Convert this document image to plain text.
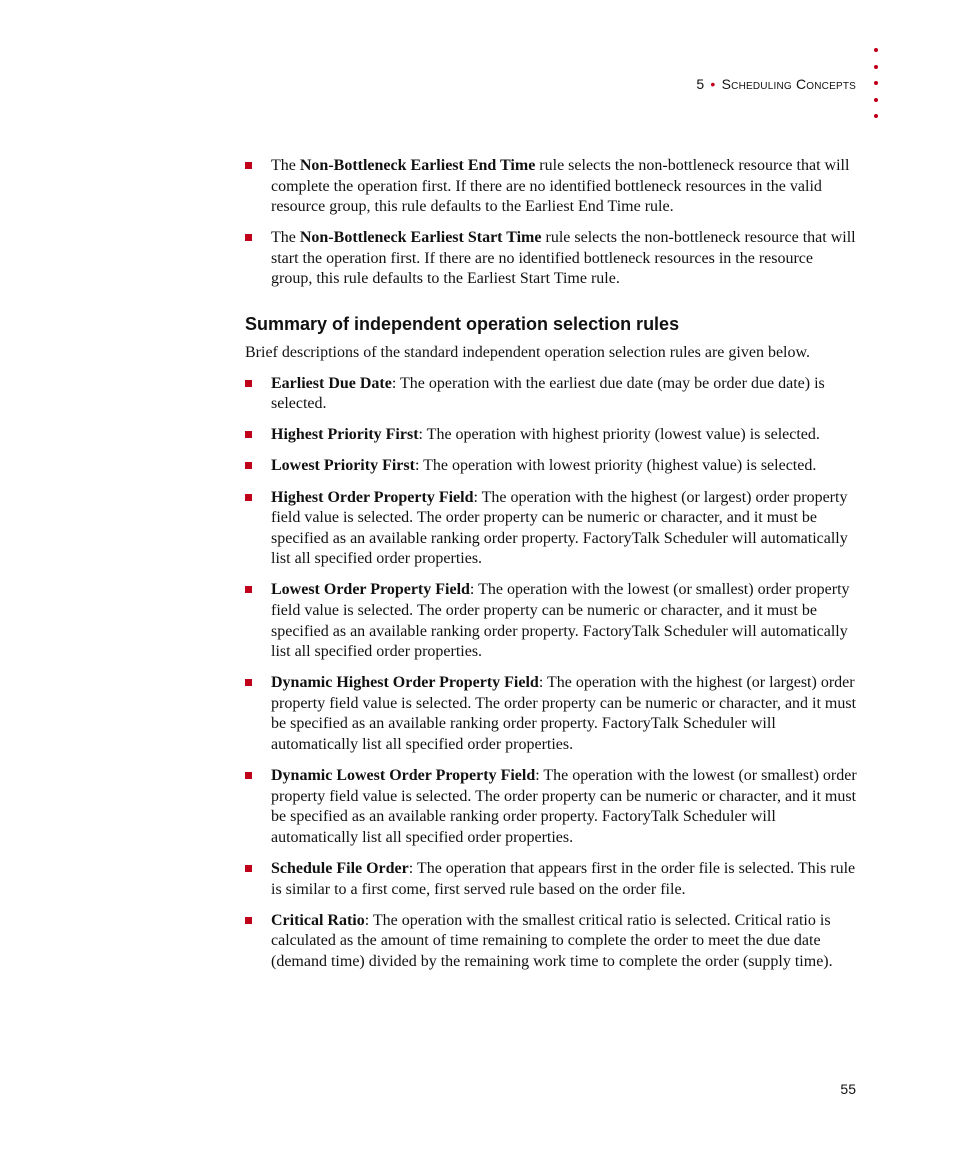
5 • Scheduling Concepts
The Non-Bottleneck Earliest End Time rule selects the non-bottleneck resource that will complete the operation first. If there are no identified bottleneck resources in the valid resource group, this rule defaults to the Earliest End Time rule.
The Non-Bottleneck Earliest Start Time rule selects the non-bottleneck resource that will start the operation first. If there are no identified bottleneck resources in the resource group, this rule defaults to the Earliest Start Time rule.
Summary of independent operation selection rules

Brief descriptions of the standard independent operation selection rules are given below.

Earliest Due Date: The operation with the earliest due date (may be order due date) is selected.
Highest Priority First: The operation with highest priority (lowest value) is selected.
Lowest Priority First: The operation with lowest priority (highest value) is selected.
Highest Order Property Field: The operation with the highest (or largest) order property field value is selected. The order property can be numeric or character, and it must be specified as an available ranking order property. FactoryTalk Scheduler will automatically list all specified order properties.
Lowest Order Property Field: The operation with the lowest (or smallest) order property field value is selected. The order property can be numeric or character, and it must be specified as an available ranking order property. FactoryTalk Scheduler will automatically list all specified order properties.
Dynamic Highest Order Property Field: The operation with the highest (or largest) order property field value is selected. The order property can be numeric or character, and it must be specified as an available ranking order property. FactoryTalk Scheduler will automatically list all specified order properties.
Dynamic Lowest Order Property Field: The operation with the lowest (or smallest) order property field value is selected. The order property can be numeric or character, and it must be specified as an available ranking order property. FactoryTalk Scheduler will automatically list all specified order properties.
Schedule File Order: The operation that appears first in the order file is selected. This rule is similar to a first come, first served rule based on the order file.
Critical Ratio: The operation with the smallest critical ratio is selected. Critical ratio is calculated as the amount of time remaining to complete the order to meet the due date (demand time) divided by the remaining work time to complete the order (supply time).
55
